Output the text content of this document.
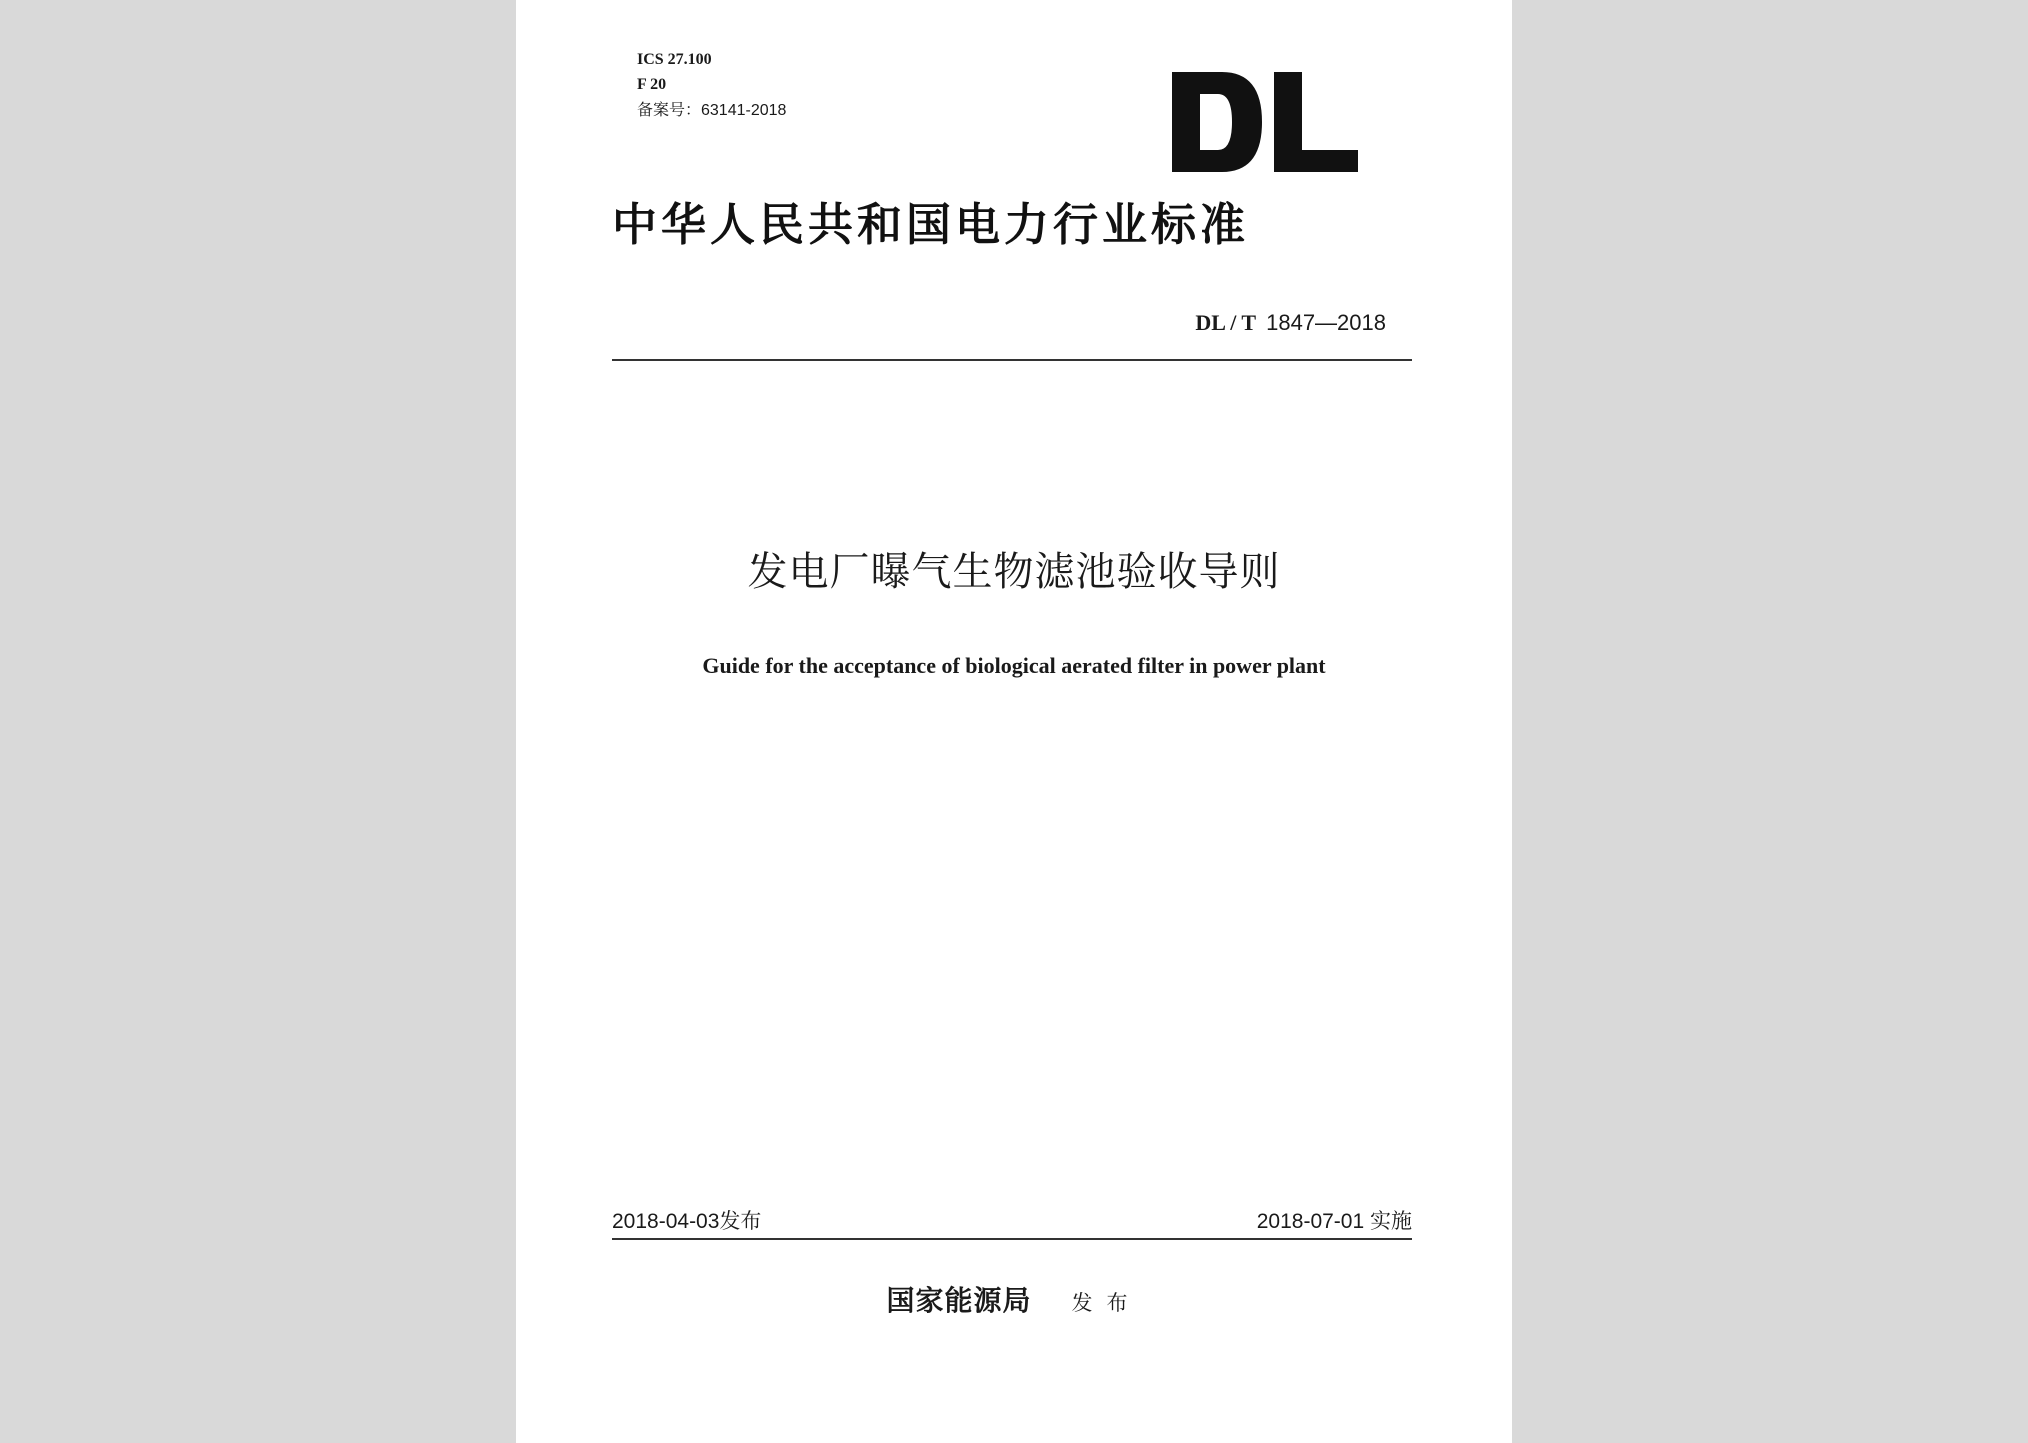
ICS 27.100
F 20
备案号：63141-2018
中华人民共和国电力行业标准
DL / T 1847—2018
发电厂曝气生物滤池验收导则
Guide for the acceptance of biological aerated filter in power plant
2018-04-03发布	2018-07-01 实施
国家能源局 发布
